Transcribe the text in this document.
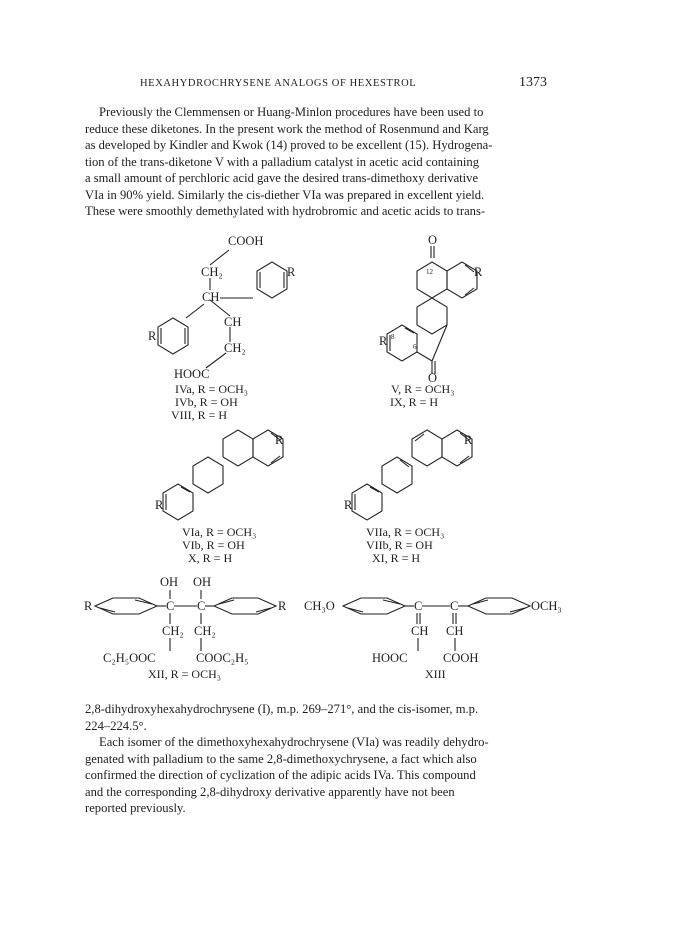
HEXAHYDROCHRYSENE ANALOGS OF HEXESTROL	1373
Previously the Clemmensen or Huang-Minlon procedures have been used to
reduce these diketones. In the present work the method of Rosenmund and Karg
as developed by Kindler and Kwok (14) proved to be excellent (15). Hydrogena-
tion of the trans-diketone V with a palladium catalyst in acetic acid containing
a small amount of perchloric acid gave the desired trans-dimethoxy derivative
VIa in 90% yield. Similarly the cis-diether VIa was prepared in excellent yield.
These were smoothly demethylated with hydrobromic and acetic acids to trans-
COOH
CH₂
CH
R
CH
R
CH₂
HOOC
IVa, R = OCH₃
IVb, R = OH
VIII, R = H
O
12	R
R 8
6
O
V, R = OCH₃
IX, R = H
R
R
VIa, R = OCH₃
VIb, R = OH
X, R = H
R
R
VIIa, R = OCH₃
VIIb, R = OH
XI, R = H
OH OH
R	C C	R
CH₂ CH₂
C₂H₅OOC	COOC₂H₅
XII, R = OCH₃
CH₃O	C C	OCH₃
CH CH
HOOC	COOH
XIII
2,8-dihydroxyhexahydrochrysene (I), m.p. 269–271°, and the cis-isomer, m.p.
224–224.5°.
Each isomer of the dimethoxyhexahydrochrysene (VIa) was readily dehydro-
genated with palladium to the same 2,8-dimethoxychrysene, a fact which also
confirmed the direction of cyclization of the adipic acids IVa. This compound
and the corresponding 2,8-dihydroxy derivative apparently have not been
reported previously.
